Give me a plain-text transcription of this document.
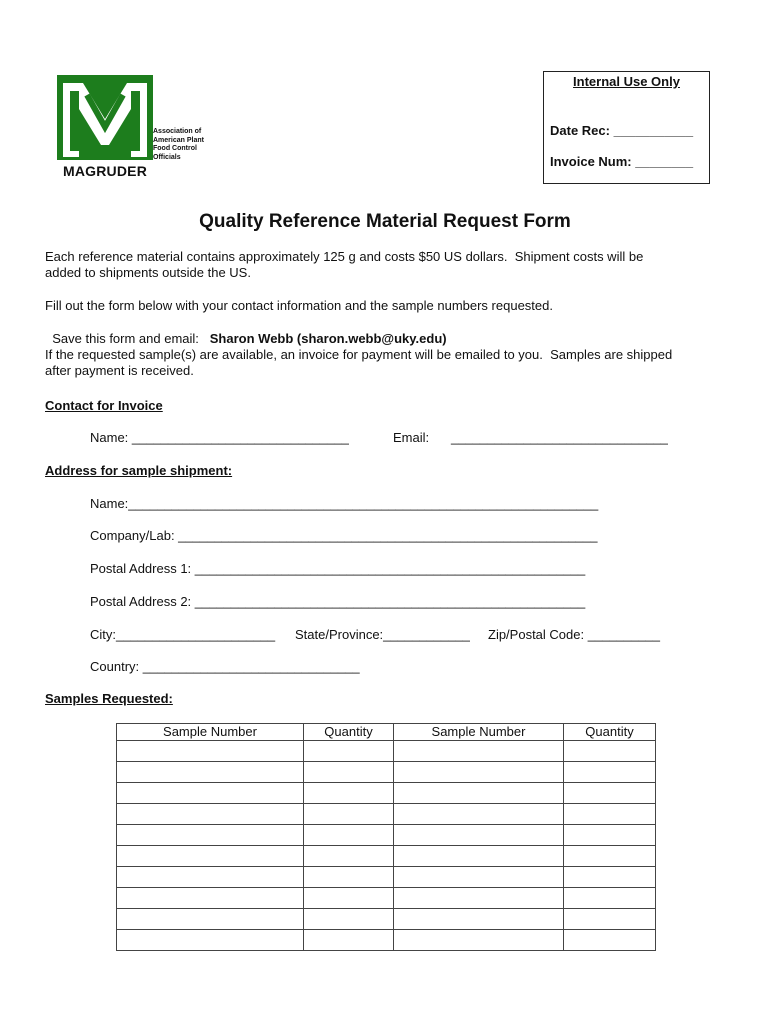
MAGRUDER
Association of American Plant Food Control Officials
Internal Use Only
Date Rec: ___________
Invoice Num: ________
Quality Reference Material Request Form
Each reference material contains approximately 125 g and costs $50 US dollars.  Shipment costs will be
added to shipments outside the US.
Fill out the form below with your contact information and the sample numbers requested.

Save this form and email: Sharon Webb (sharon.webb@uky.edu)

If the requested sample(s) are available, an invoice for payment will be emailed to you.  Samples are shipped
after payment is received.
Contact for Invoice
Name: ______________________________	Email: ______________________________
Address for sample shipment:
Name:_________________________________________________________________
Company/Lab: __________________________________________________________
Postal Address 1: ______________________________________________________
Postal Address 2: ______________________________________________________
City:______________________ State/Province:____________ Zip/Postal Code: __________
Country: ______________________________
Samples Requested:
Sample Number	Quantity	Sample Number	Quantity
